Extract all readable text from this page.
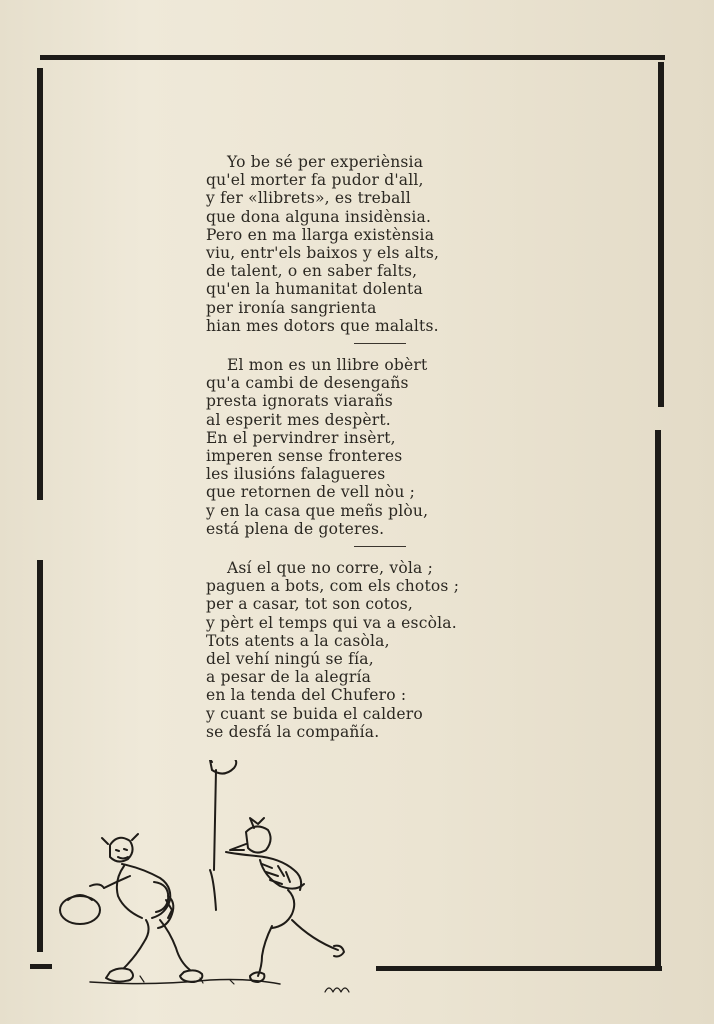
Yo be sé per experiènsia
qu'el morter fa pudor d'all,
y fer «llibrets», es treball
que dona alguna insidènsia.
Pero en ma llarga existènsia
viu, entr'els baixos y els alts,
de talent, o en saber falts,
qu'en la humanitat dolenta
per ironía sangrienta
hian mes dotors que malalts.
El mon es un llibre obèrt
qu'a cambi de desengañs
presta ignorats viarañs
al esperit mes despèrt.
En el pervindrer insèrt,
imperen sense fronteres
les ilusións falagueres
que retornen de vell nòu ;
y en la casa que meñs plòu,
está plena de goteres.
Así el que no corre, vòla ;
paguen a bots, com els chotos ;
per a casar, tot son cotos,
y pèrt el temps qui va a escòla.
Tots atents a la casòla,
del vehí ningú se fía,
a pesar de la alegría
en la tenda del Chufero :
y cuant se buida el caldero
se desfá la compañía.
